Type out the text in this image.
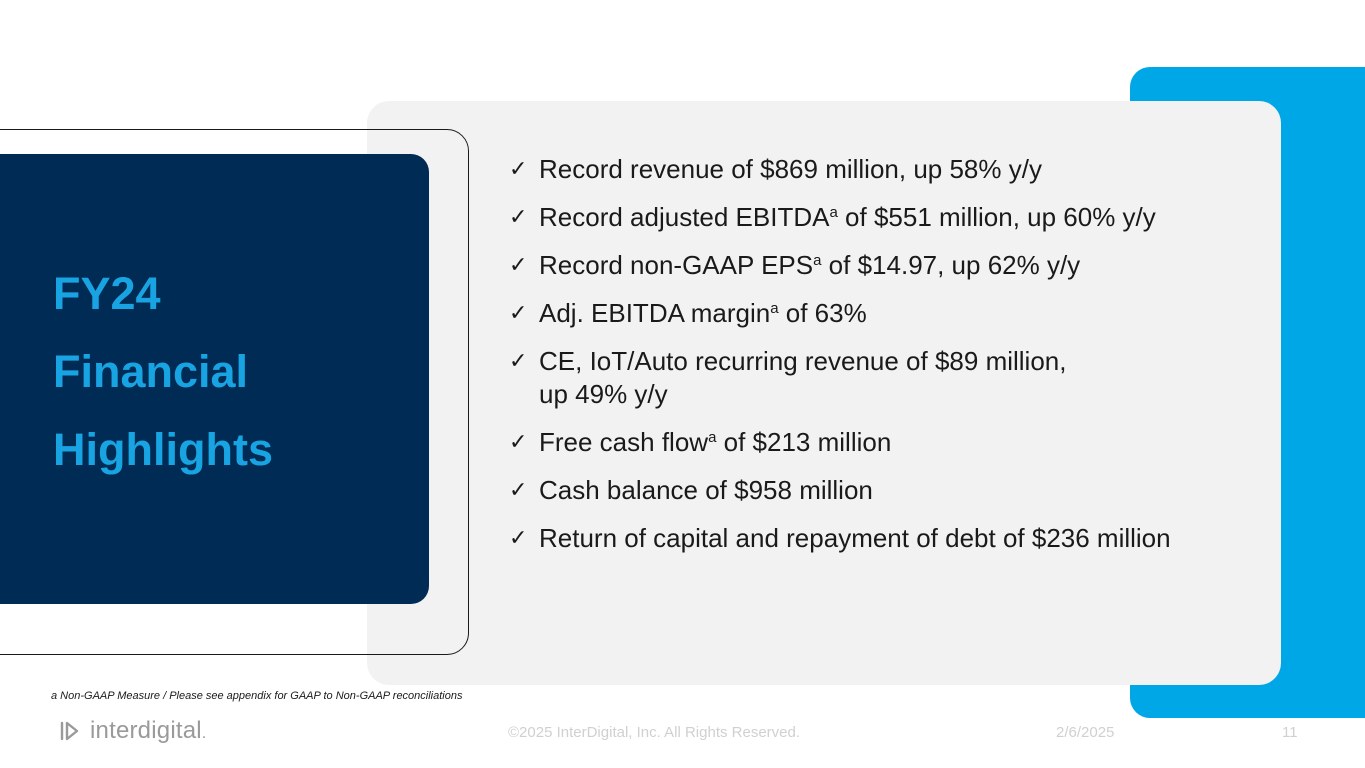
FY24
Financial
Highlights
✓ Record revenue of $869 million, up 58% y/y
✓ Record adjusted EBITDA$^a$ of $551 million, up 60% y/y
✓ Record non-GAAP EPS$^a$ of $14.97, up 62% y/y
✓ Adj. EBITDA margin$^a$ of 63%
✓ CE, IoT/Auto recurring revenue of $89 million,
up 49% y/y
✓ Free cash flow$^a$ of $213 million
✓ Cash balance of $958 million
✓ Return of capital and repayment of debt of $236 million
a Non-GAAP Measure / Please see appendix for GAAP to Non-GAAP reconciliations
interdigital.	©2025 InterDigital, Inc. All Rights Reserved.	2/6/2025	11
